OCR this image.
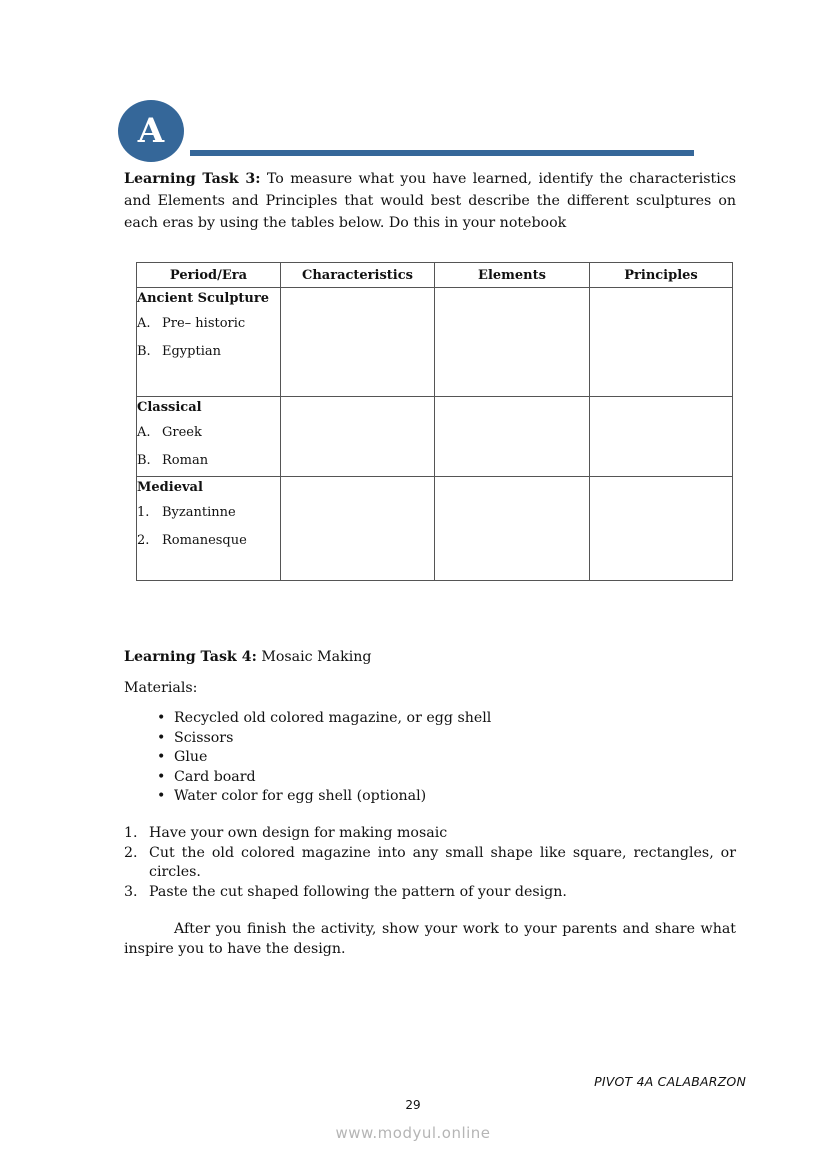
A
Learning Task 3: To measure what you have learned, identify the characteristics and Elements and Principles that would best describe the different sculptures on each eras by using the tables below. Do this in your notebook
Period/Era	Characteristics	Elements	Principles

Ancient Sculpture
A. Pre– historic
B. Egyptian			

Classical
A. Greek
B. Roman			

Medieval
1. Byzantinne
2. Romanesque			

Learning Task 4: Mosaic Making
Materials:
• Recycled old colored magazine, or egg shell
• Scissors
• Glue
• Card board
• Water color for egg shell (optional)
1. Have your own design for making mosaic
2. Cut the old colored magazine into any small shape like square, rectangles, or circles.
3. Paste the cut shaped following the pattern of your design.
After you finish the activity, show your work to your parents and share what inspire you to have the design.
PIVOT 4A CALABARZON
29
www.modyul.online
